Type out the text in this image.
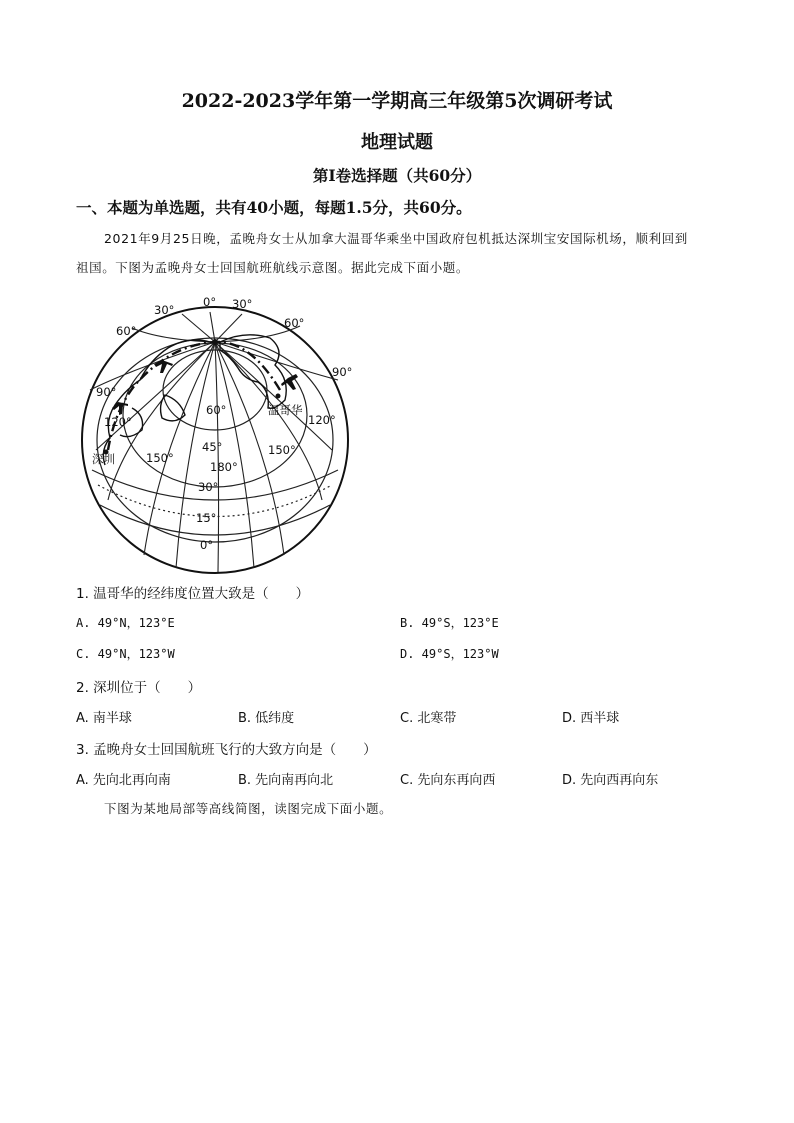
2022-2023学年第一学期高三年级第5次调研考试
地理试题
第Ⅰ卷选择题（共60分）
一、本题为单选题，共有40小题，每题1.5分，共60分。
2021年9月25日晚，孟晚舟女士从加拿大温哥华乘坐中国政府包机抵达深圳宝安国际机场，顺利回到
祖国。下图为孟晚舟女士回国航班航线示意图。据此完成下面小题。
0° 30°
30°
60°
60°
90°
90°
120°	120°
150°
150°
180°
60°
45°
30°
15°
0°
温哥华
深圳
1. 温哥华的经纬度位置大致是（　　）
A. 49°N，123°E	B. 49°S，123°E
C. 49°N，123°W	D. 49°S，123°W
2. 深圳位于（　　）
A. 南半球	B. 低纬度	C. 北寒带	D. 西半球
3. 孟晚舟女士回国航班飞行的大致方向是（　　）
A. 先向北再向南	B. 先向南再向北	C. 先向东再向西	D. 先向西再向东
下图为某地局部等高线简图，读图完成下面小题。
